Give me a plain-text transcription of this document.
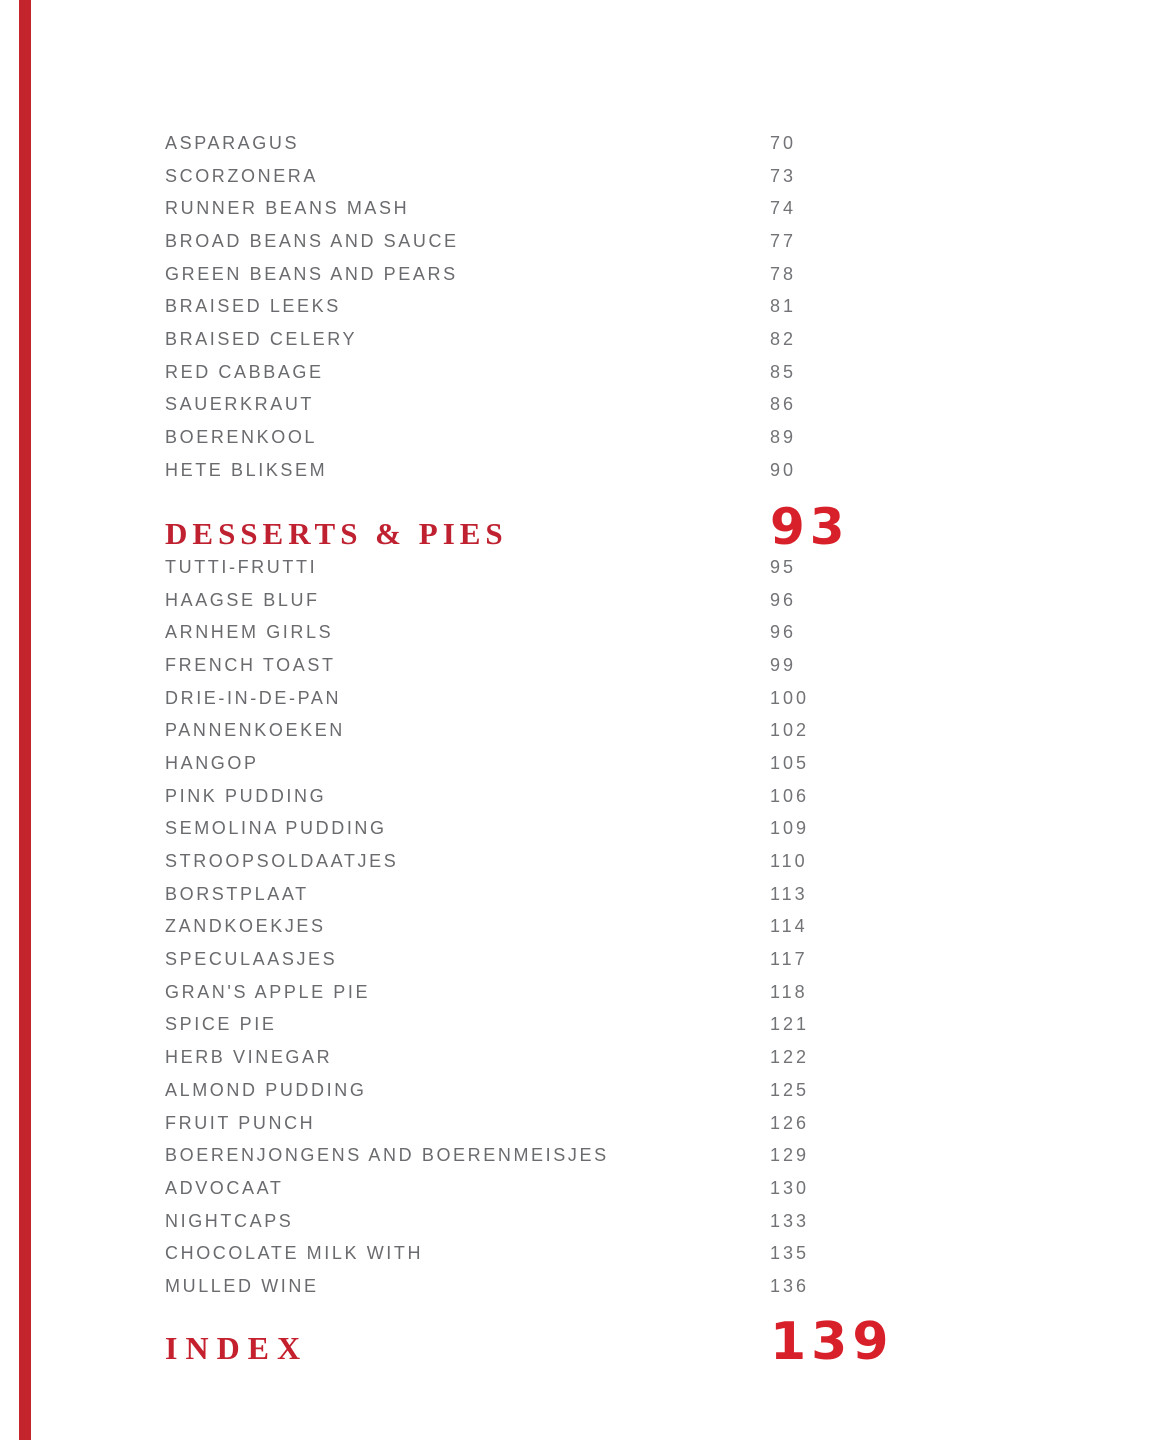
ASPARAGUS	70
SCORZONERA	73
RUNNER BEANS MASH	74
BROAD BEANS AND SAUCE	77
GREEN BEANS AND PEARS	78
BRAISED LEEKS	81
BRAISED CELERY	82
RED CABBAGE	85
SAUERKRAUT	86
BOERENKOOL	89
HETE BLIKSEM	90
DESSERTS & PIES	93
TUTTI-FRUTTI	95
HAAGSE BLUF	96
ARNHEM GIRLS	96
FRENCH TOAST	99
DRIE-IN-DE-PAN	100
PANNENKOEKEN	102
HANGOP	105
PINK PUDDING	106
SEMOLINA PUDDING	109
STROOPSOLDAATJES	110
BORSTPLAAT	113
ZANDKOEKJES	114
SPECULAASJES	117
GRAN'S APPLE PIE	118
SPICE PIE	121
HERB VINEGAR	122
ALMOND PUDDING	125
FRUIT PUNCH	126
BOERENJONGENS AND BOERENMEISJES	129
ADVOCAAT	130
NIGHTCAPS	133
CHOCOLATE MILK WITH	135
MULLED WINE	136
INDEX	139
